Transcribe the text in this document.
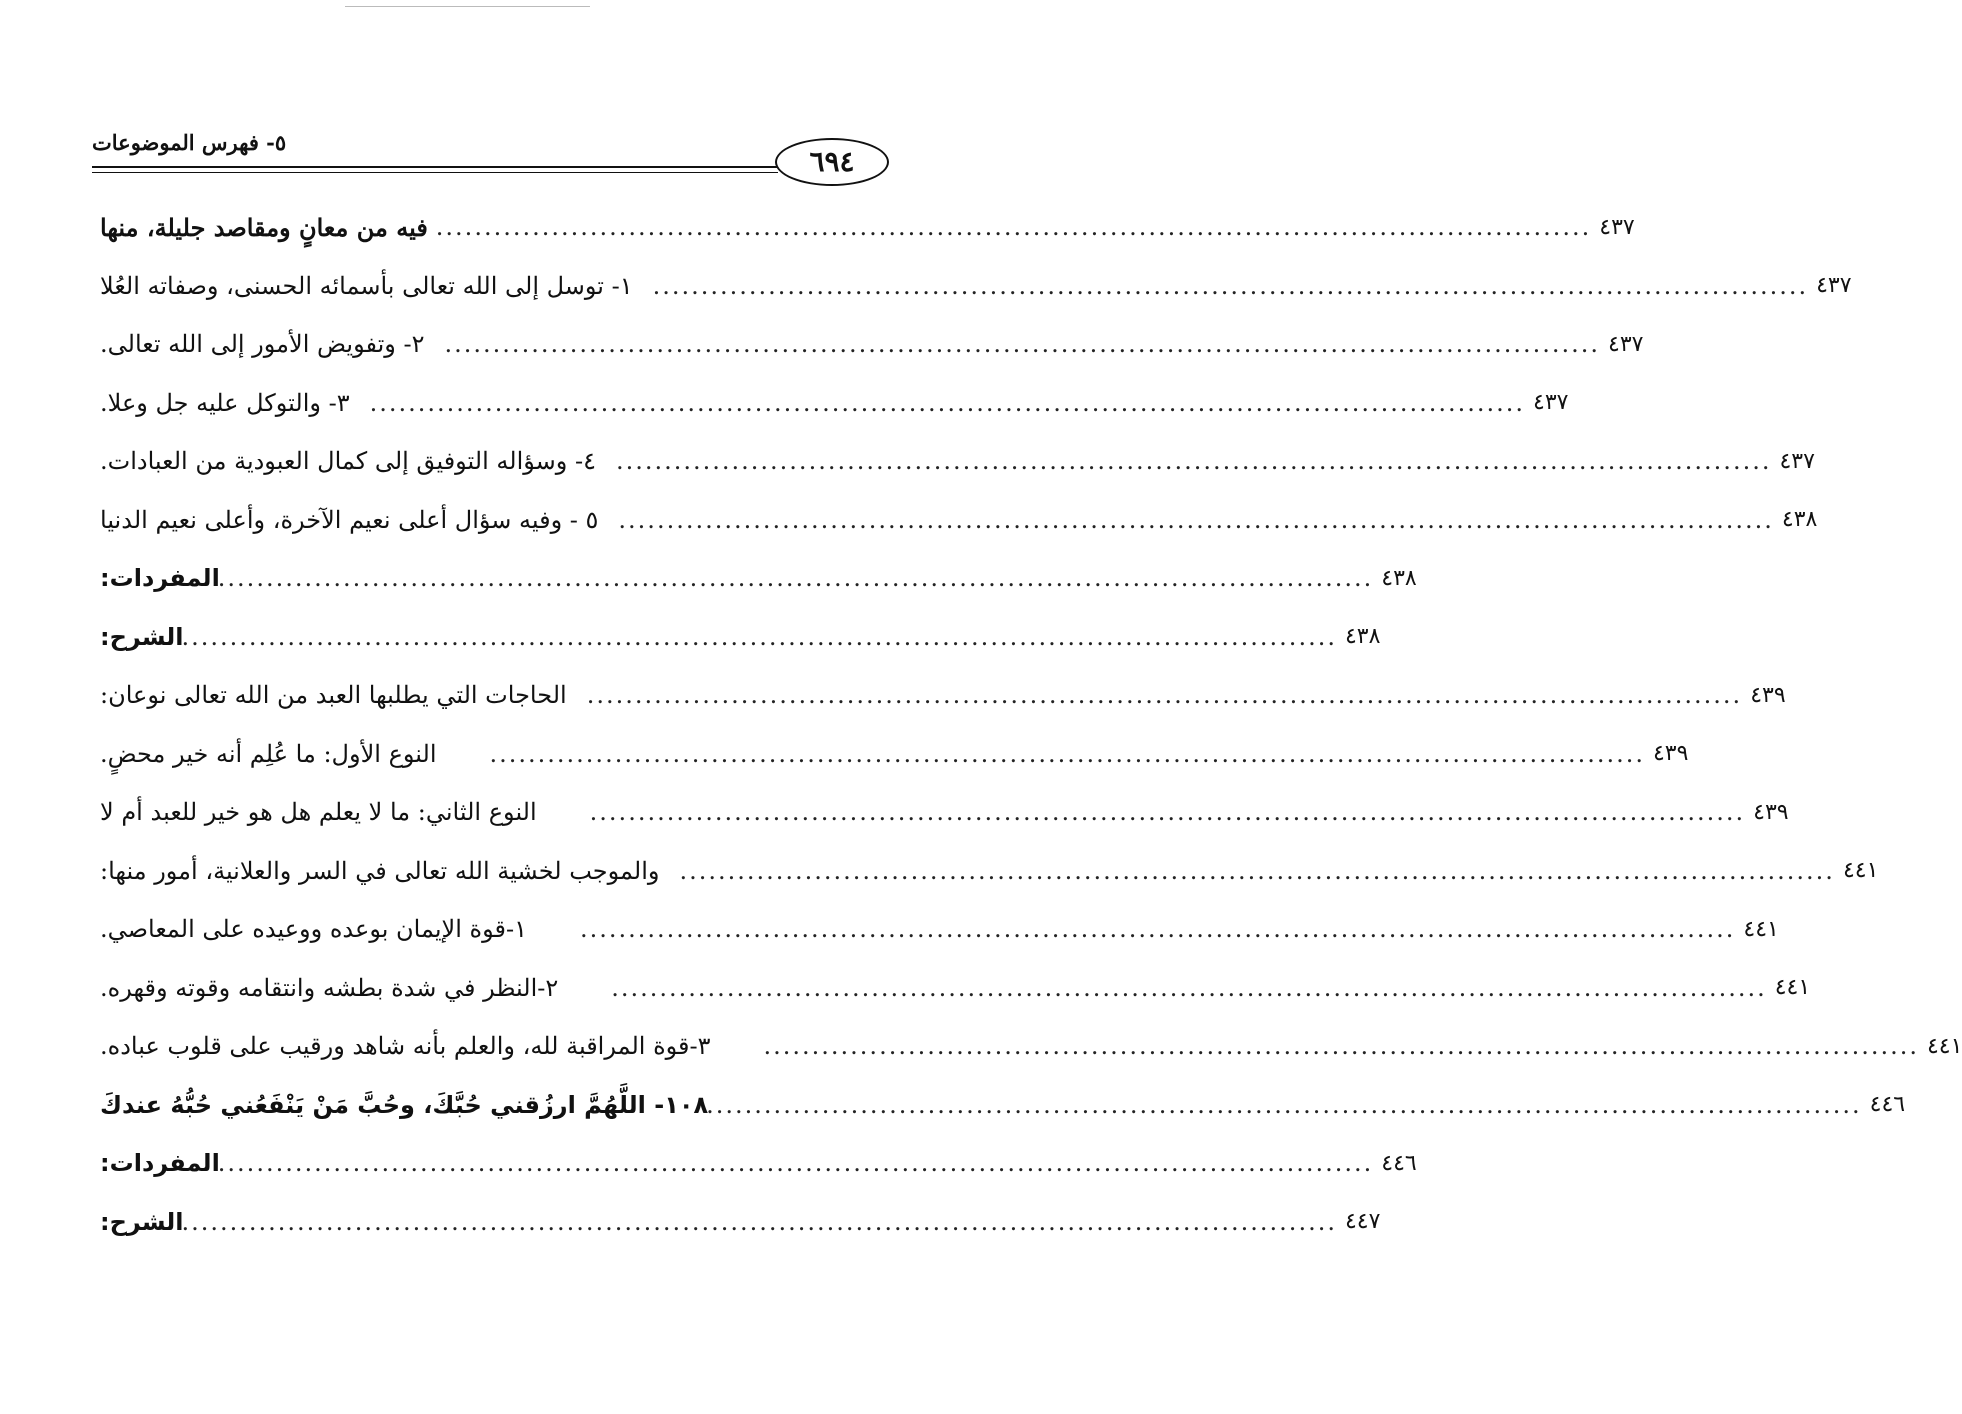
٥- فهرس الموضوعات
٦٩٤
فيه من معانٍ ومقاصد جليلة، منها ........................................................................................................................ ٤٣٧
١- توسل إلى الله تعالى بأسمائه الحسنى، وصفاته العُلا ........................................................................................................................ ٤٣٧
٢- وتفويض الأمور إلى الله تعالى. ........................................................................................................................ ٤٣٧
٣- والتوكل عليه جل وعلا. ........................................................................................................................ ٤٣٧
٤- وسؤاله التوفيق إلى كمال العبودية من العبادات. ........................................................................................................................ ٤٣٧
٥ - وفيه سؤال أعلى نعيم الآخرة، وأعلى نعيم الدنيا ........................................................................................................................ ٤٣٨
المفردات:
........................................................................................................................ ٤٣٨
الشرح:
........................................................................................................................ ٤٣٨
الحاجات التي يطلبها العبد من الله تعالى نوعان: ........................................................................................................................ ٤٣٩
النوع الأول: ما عُلِم أنه خير محضٍ. ........................................................................................................................ ٤٣٩
النوع الثاني: ما لا يعلم هل هو خير للعبد أم لا ........................................................................................................................ ٤٣٩
والموجب لخشية الله تعالى في السر والعلانية، أمور منها: ........................................................................................................................ ٤٤١
١-قوة الإيمان بوعده ووعيده على المعاصي. ........................................................................................................................ ٤٤١
٢-النظر في شدة بطشه وانتقامه وقوته وقهره. ........................................................................................................................ ٤٤١
٣-قوة المراقبة لله، والعلم بأنه شاهد ورقيب على قلوب عباده. ........................................................................................................................ ٤٤١
١٠٨- اللَّهُمَّ ارزُقني حُبَّكَ، وحُبَّ مَنْ يَنْفَعُني حُبُّهُ عندكَ
........................................................................................................................ ٤٤٦
المفردات:
........................................................................................................................ ٤٤٦
الشرح:
........................................................................................................................ ٤٤٧
